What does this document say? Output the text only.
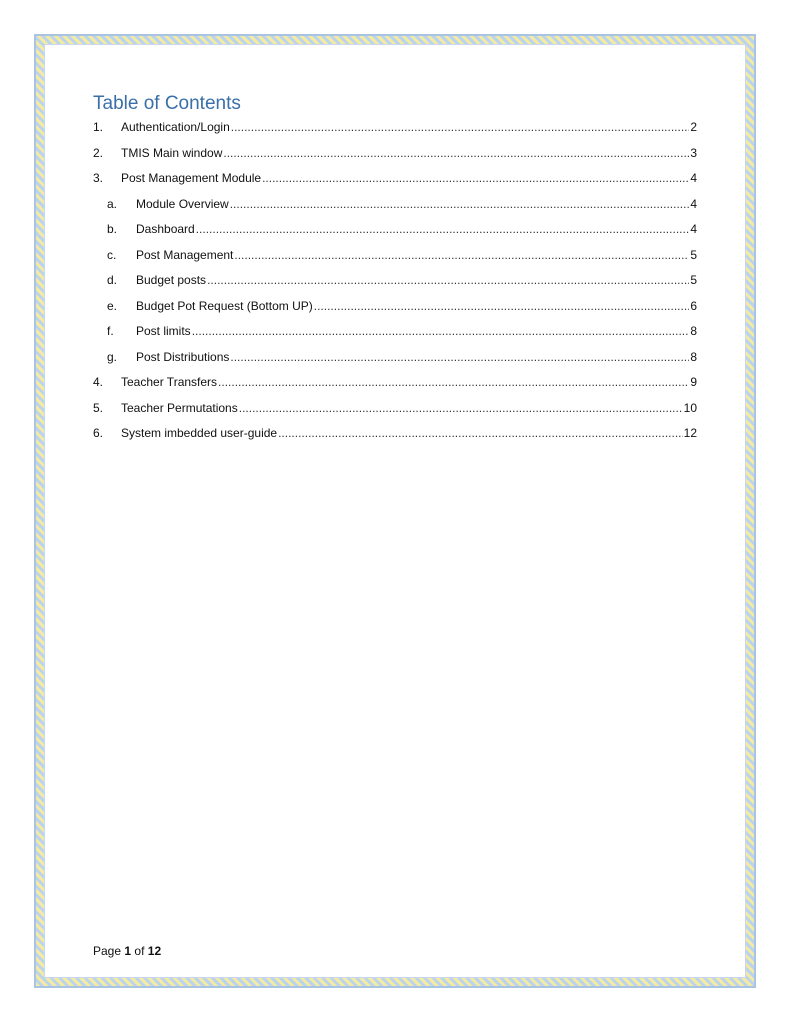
Table of Contents
1.	Authentication/Login .....	2
2.	TMIS Main window .....	3
3.	Post Management Module .....	4
a.	Module Overview .....	4
b.	Dashboard .....	4
c.	Post Management .....	5
d.	Budget posts .....	5
e.	Budget Pot Request (Bottom UP) .....	6
f.	Post limits .....	8
g.	Post Distributions .....	8
4.	Teacher Transfers .....	9
5.	Teacher Permutations .....	10
6.	System imbedded user-guide .....	12
Page 1 of 12
